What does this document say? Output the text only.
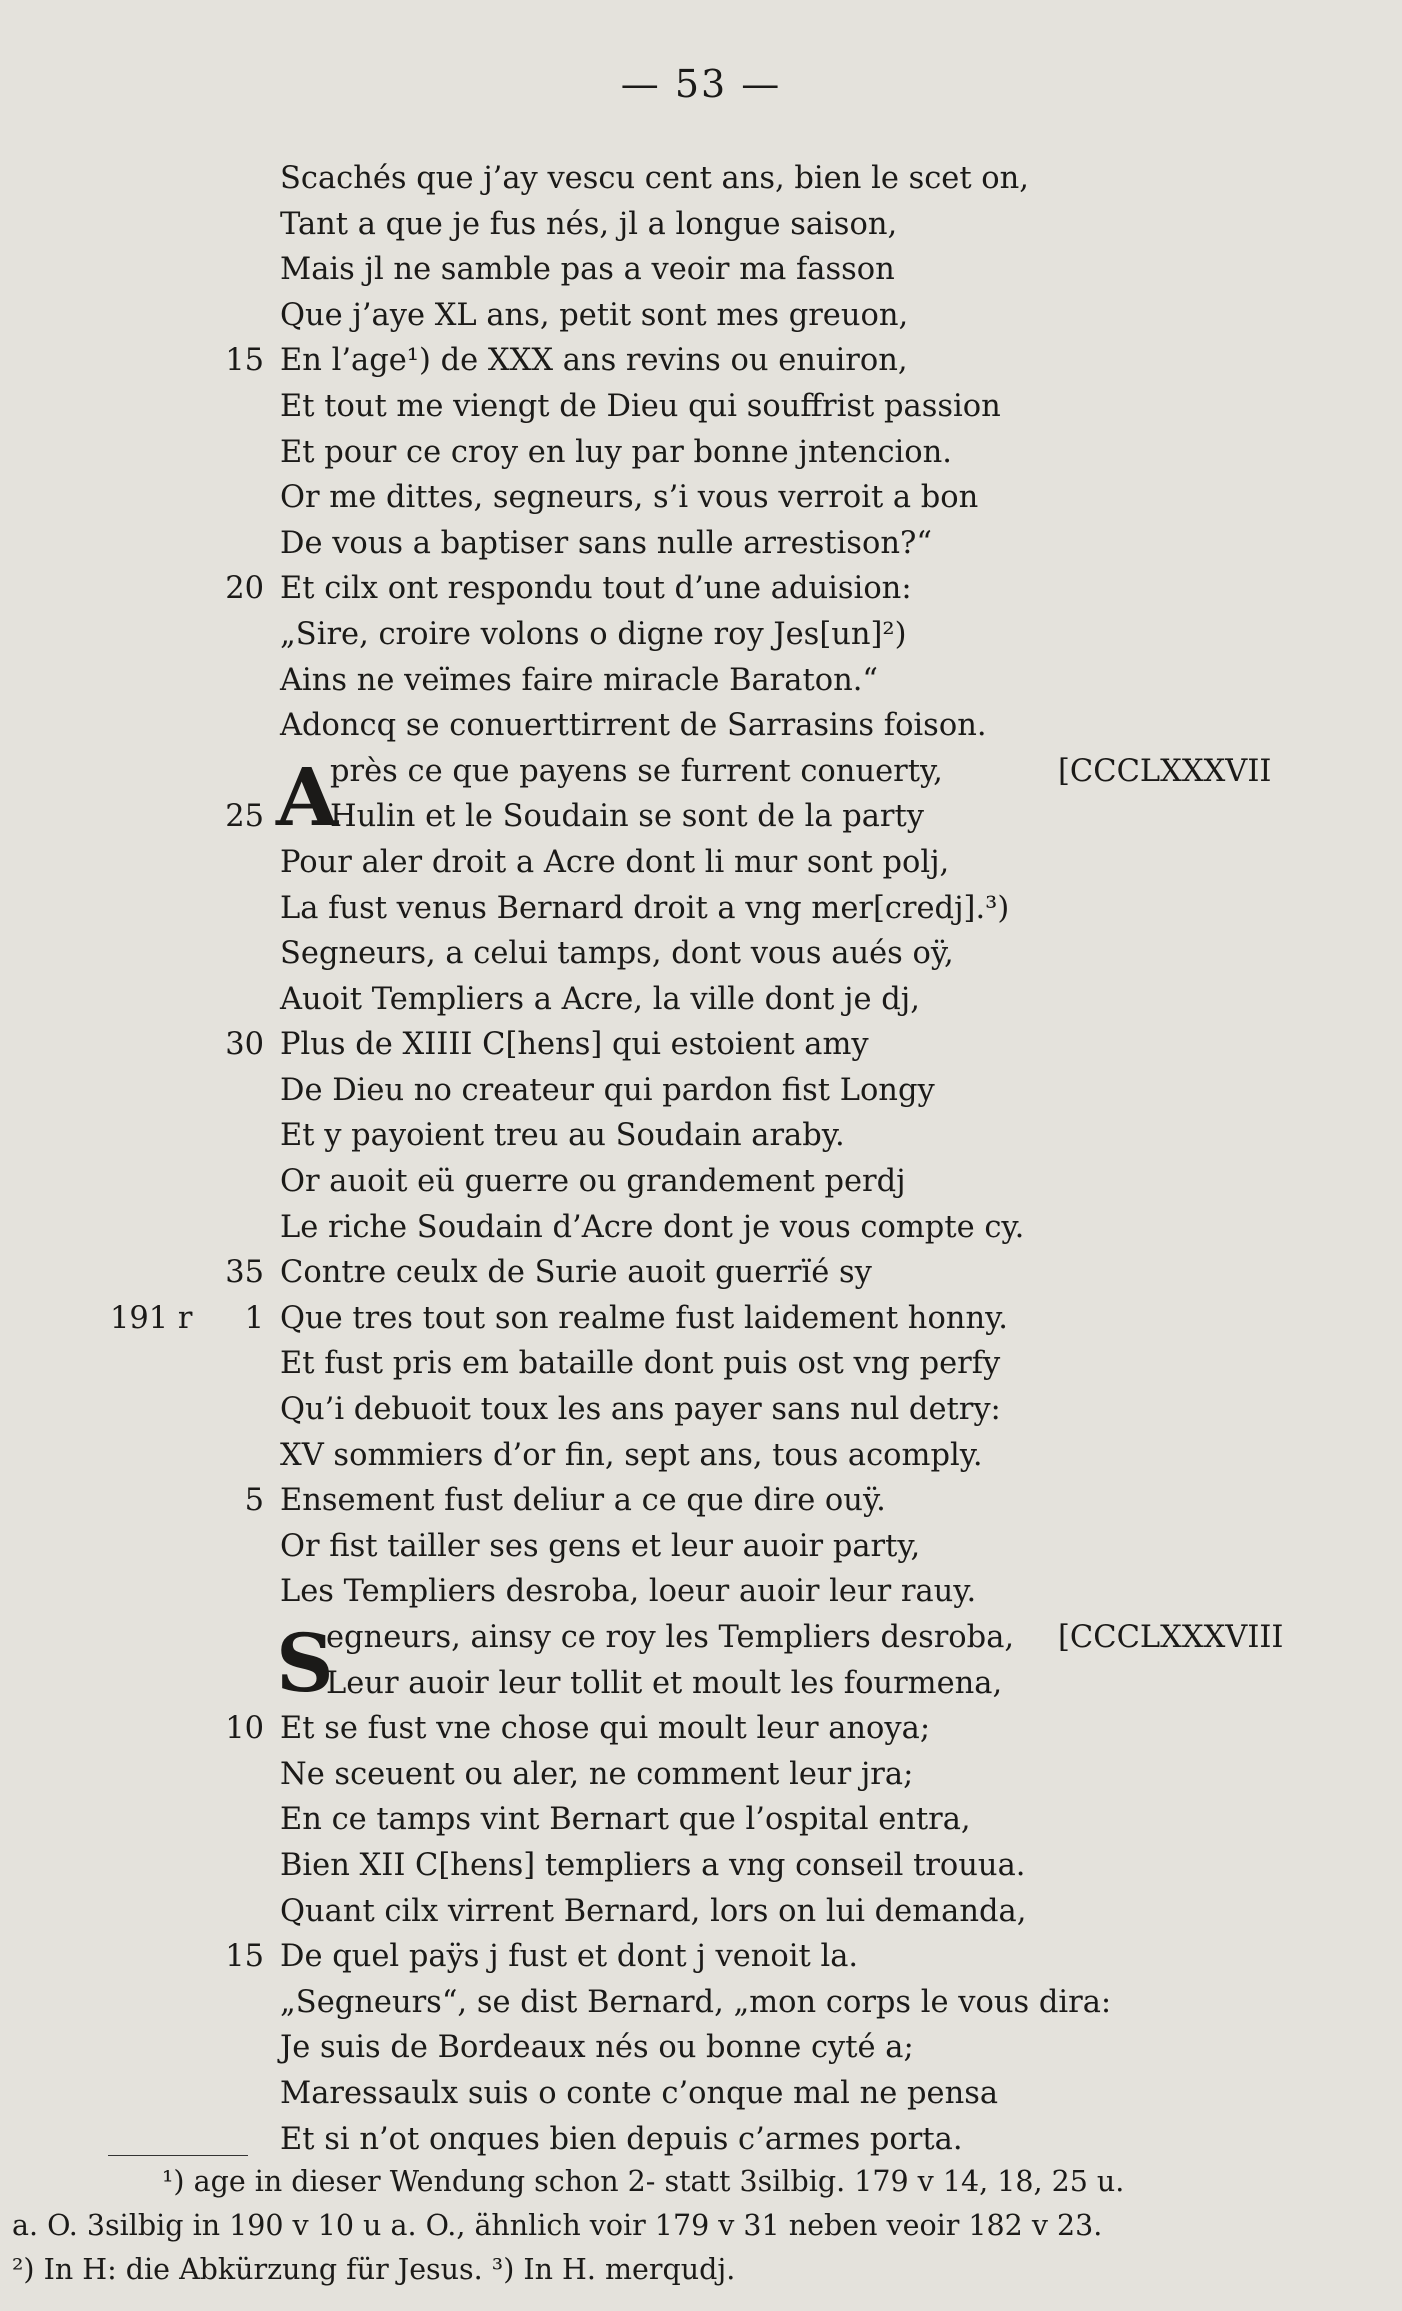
— 53 —
Scachés que j’ay vescu cent ans, bien le scet on,
Tant a que je fus nés, jl a longue saison,
Mais jl ne samble pas a veoir ma fasson
Que j’aye XL ans, petit sont mes greuon,
15 En l’age¹) de XXX ans revins ou enuiron,
Et tout me viengt de Dieu qui souffrist passion
Et pour ce croy en luy par bonne jntencion.
Or me dittes, segneurs, s’i vous verroit a bon
De vous a baptiser sans nulle arrestison?“
20 Et cilx ont respondu tout d’une aduision:
„Sire, croire volons o digne roy Jes[un]²)
Ains ne veïmes faire miracle Baraton.“
Adoncq se conuerttirrent de Sarrasins foison.
près ce que payens se furrent conuerty,
A	[CCCLXXXVII
25 Hulin et le Soudain se sont de la party
Pour aler droit a Acre dont li mur sont polj,
La fust venus Bernard droit a vng mer[credj].³)
Segneurs, a celui tamps, dont vous aués oÿ,
Auoit Templiers a Acre, la ville dont je dj,
30 Plus de XIIII C[hens] qui estoient amy
De Dieu no createur qui pardon fist Longy
Et y payoient treu au Soudain araby.
Or auoit eü guerre ou grandement perdj
Le riche Soudain d’Acre dont je vous compte cy.
35 Contre ceulx de Surie auoit guerrïé sy
191 r	1 Que tres tout son realme fust laidement honny.
Et fust pris em bataille dont puis ost vng perfy
Qu’i debuoit toux les ans payer sans nul detry:
XV sommiers d’or fin, sept ans, tous acomply.
5 Ensement fust deliur a ce que dire ouÿ.
Or fist tailler ses gens et leur auoir party,
Les Templiers desroba, loeur auoir leur rauy.
egneurs, ainsy ce roy les Templiers desroba,
S	[CCCLXXXVIII
Leur auoir leur tollit et moult les fourmena,
10 Et se fust vne chose qui moult leur anoya;
Ne sceuent ou aler, ne comment leur jra;
En ce tamps vint Bernart que l’ospital entra,
Bien XII C[hens] templiers a vng conseil trouua.
Quant cilx virrent Bernard, lors on lui demanda,
15 De quel paÿs j fust et dont j venoit la.
„Segneurs“, se dist Bernard, „mon corps le vous dira:
Je suis de Bordeaux nés ou bonne cyté a;
Maressaulx suis o conte c’onque mal ne pensa
Et si n’ot onques bien depuis c’armes porta.
¹) age in dieser Wendung schon 2- statt 3silbig. 179 v 14, 18, 25 u.
a. O. 3silbig in 190 v 10 u a. O., ähnlich voir 179 v 31 neben veoir 182 v 23.
²) In H: die Abkürzung für Jesus. ³) In H. merqudj.
